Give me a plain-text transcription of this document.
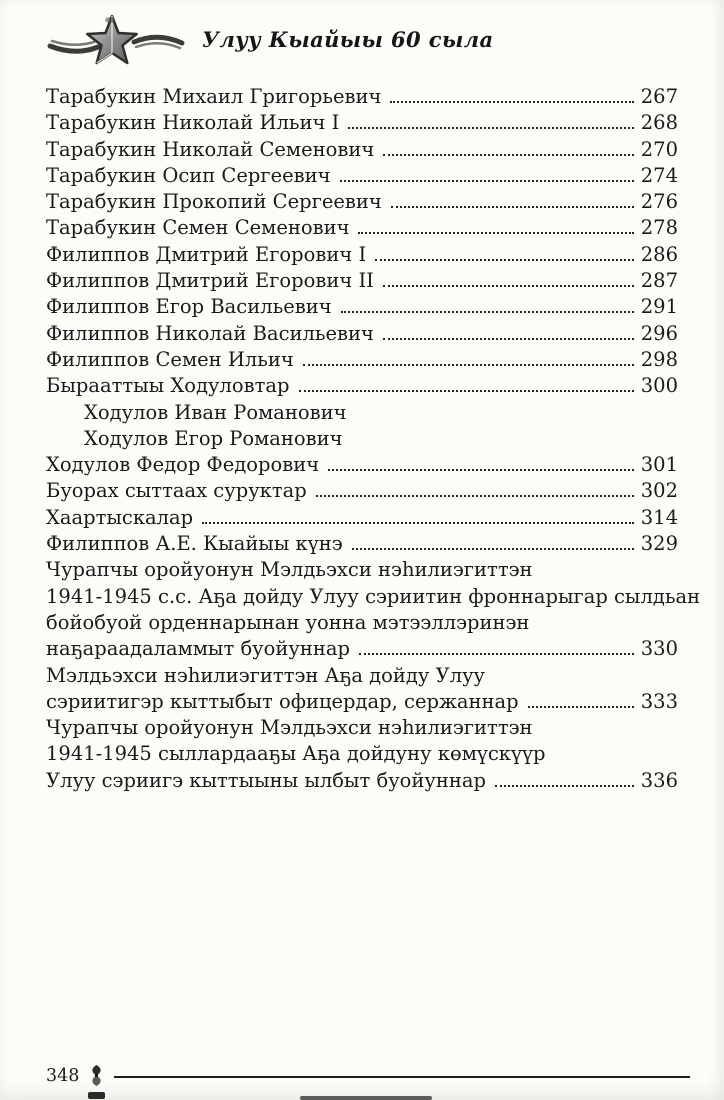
Улуу Кыайыы 60 сыла
Тарабукин Михаил Григорьевич	267
Тарабукин Николай Ильич I	268
Тарабукин Николай Семенович	270
Тарабукин Осип Сергеевич	274
Тарабукин Прокопий Сергеевич	276
Тарабукин Семен Семенович	278
Филиппов Дмитрий Егорович I	286
Филиппов Дмитрий Егорович II	287
Филиппов Егор Васильевич	291
Филиппов Николай Васильевич	296
Филиппов Семен Ильич	298
Бырааттыы Ходуловтар	300
Ходулов Иван Романович
Ходулов Егор Романович
Ходулов Федор Федорович	301
Буорах сыттаах суруктар	302
Хаартыскалар	314
Филиппов А.Е. Кыайыы күнэ	329
Чурапчы оройуонун Мэлдьэхси нэһилиэгиттэн
1941-1945 с.с. Аҕа дойду Улуу сэриитин фроннарыгар сылдьан
бойобуой орденнарынан уонна мэтээллэринэн
наҕараадаламмыт буойуннар	330
Мэлдьэхси нэһилиэгиттэн Аҕа дойду Улуу
сэриитигэр кыттыбыт офицердар, сержаннар	333
Чурапчы оройуонун Мэлдьэхси нэһилиэгиттэн
1941-1945 сыллардааҕы Аҕа дойдуну көмүскүүр
Улуу сэриигэ кыттыыны ылбыт буойуннар	336
348
